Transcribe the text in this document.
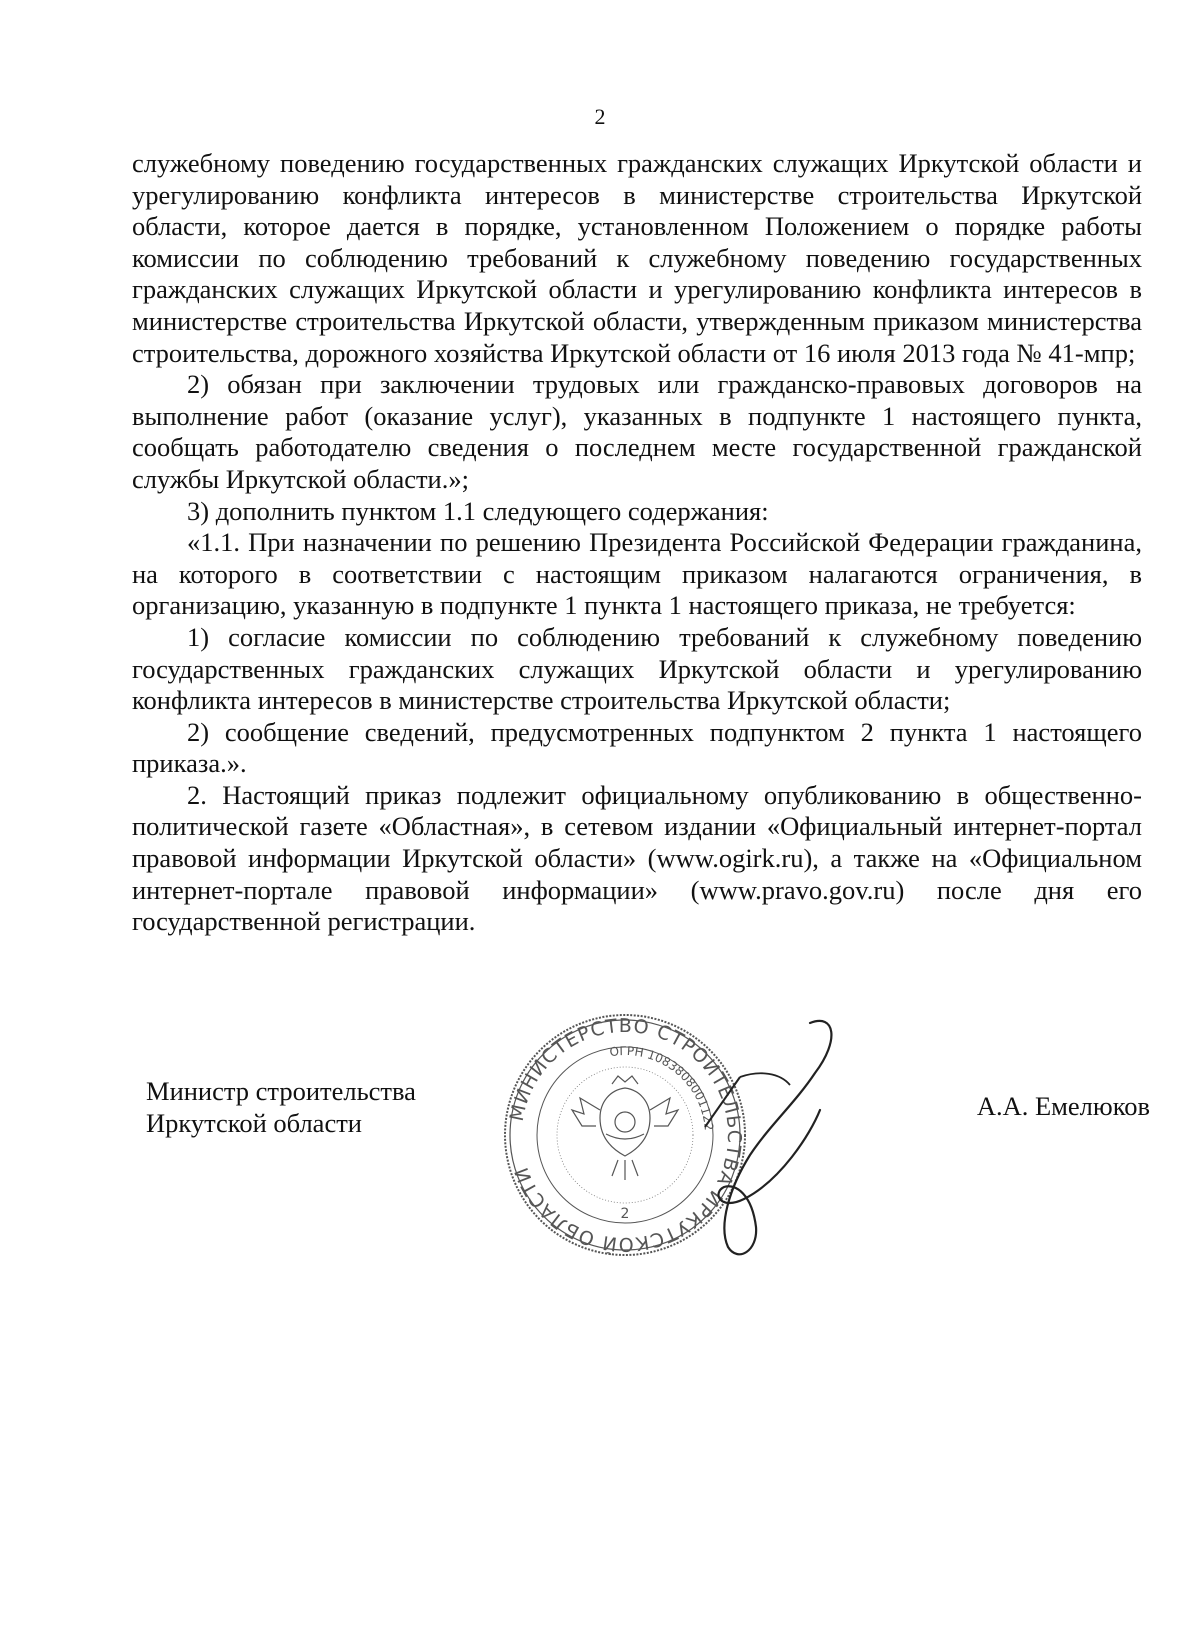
2

служебному поведению государственных гражданских служащих Иркутской области и урегулированию конфликта интересов в министерстве строительства Иркутской области, которое дается в порядке, установленном Положением о порядке работы комиссии по соблюдению требований к служебному поведению государственных гражданских служащих Иркутской области и урегулированию конфликта интересов в министерстве строительства Иркутской области, утвержденным приказом министерства строительства, дорожного хозяйства Иркутской области от 16 июля 2013 года № 41-мпр;

2) обязан при заключении трудовых или гражданско-правовых договоров на выполнение работ (оказание услуг), указанных в подпункте 1 настоящего пункта, сообщать работодателю сведения о последнем месте государственной гражданской службы Иркутской области.»;

3) дополнить пунктом 1.1 следующего содержания:

«1.1. При назначении по решению Президента Российской Федерации гражданина, на которого в соответствии с настоящим приказом налагаются ограничения, в организацию, указанную в подпункте 1 пункта 1 настоящего приказа, не требуется:

1) согласие комиссии по соблюдению требований к служебному поведению государственных гражданских служащих Иркутской области и урегулированию конфликта интересов в министерстве строительства Иркутской области;

2) сообщение сведений, предусмотренных подпунктом 2 пункта 1 настоящего приказа.».

2. Настоящий приказ подлежит официальному опубликованию в общественно-политической газете «Областная», в сетевом издании «Официальный интернет-портал правовой информации Иркутской области» (www.ogirk.ru), а также на «Официальном интернет-портале правовой информации» (www.pravo.gov.ru) после дня его государственной регистрации.

Министр строительства
Иркутской области	МИНИСТЕРСТВО СТРОИТЕЛЬСТВА ИРКУТСКОЙ ОБЛАСТИ
ОГРН 1083808001122
2
А.А. Емелюков
